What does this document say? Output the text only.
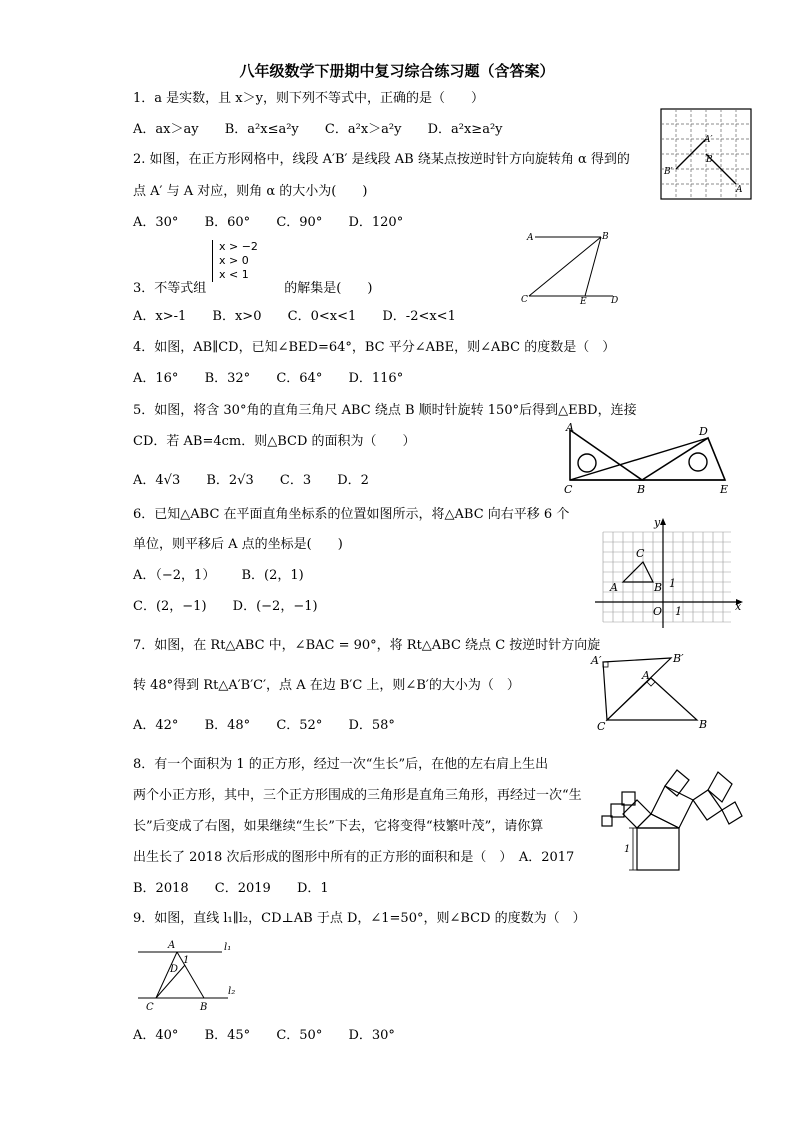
八年级数学下册期中复习综合练习题（含答案）
1．a 是实数，且 x＞y，则下列不等式中，正确的是（　　）
A．ax＞ay B．a²x≤a²y C．a²x＞a²y D．a²x≥a²y
A′
B
B′
A
2. 如图，在正方形网格中，线段 A′B′ 是线段 AB 绕某点按逆时针方向旋转角 α 得到的
点 A′ 与 A 对应，则角 α 的大小为(　　)
A．30° B．60° C．90° D．120°
x > −2
x > 0
x < 1
A	B
C	E	D
3．不等式组	的解集是(　　)
A．x>-1 B．x>0 C．0<x<1 D．-2<x<1
4．如图，AB∥CD，已知∠BED=64°，BC 平分∠ABE，则∠ABC 的度数是（　）
A．16° B．32° C．64° D．116°
5．如图，将含 30°角的直角三角尺 ABC 绕点 B 顺时针旋转 150°后得到△EBD，连接
CD．若 AB=4cm．则△BCD 的面积为（　　）
A．4√3 B．2√3 C．3 D．2
A	D
C	B	E
6．已知△ABC 在平面直角坐标系的位置如图所示，将△ABC 向右平移 6 个
单位，则平移后 A 点的坐标是(　　)
A．（−2，1） B．(2，1)
C．(2，−1) D．(−2，−1)
y
C
A	B 1
O 1	x
7．如图，在 Rt△ABC 中，∠BAC = 90°，将 Rt△ABC 绕点 C 按逆时针方向旋
转 48°得到 Rt△A′B′C′，点 A 在边 B′C 上，则∠B′的大小为（　）
A．42° B．48° C．52° D．58°
A′	B′
A
C	B
8．有一个面积为 1 的正方形，经过一次“生长”后，在他的左右肩上生出
两个小正方形，其中，三个正方形围成的三角形是直角三角形，再经过一次“生
长”后变成了右图，如果继续“生长”下去，它将变得“枝繁叶茂”，请你算
出生长了 2018 次后形成的图形中所有的正方形的面积和是（　）　A．2017
B．2018 C．2019 D．1
1
9．如图，直线 l₁∥l₂，CD⊥AB 于点 D，∠1=50°，则∠BCD 的度数为（　）
A
1
l₁
D
l₂
C	B
A．40° B．45° C．50° D．30°
